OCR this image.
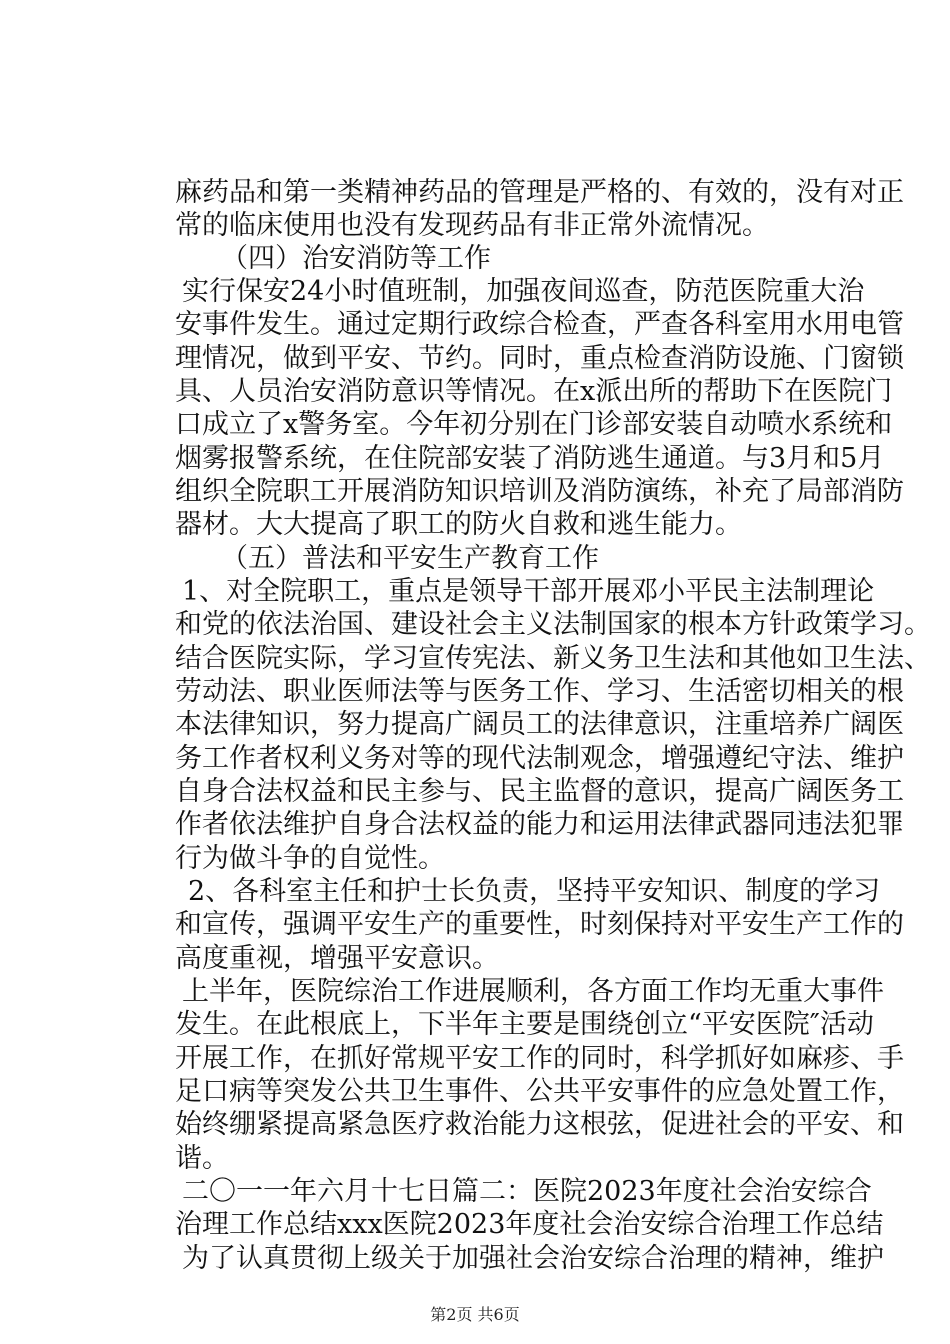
麻药品和第一类精神药品的管理是严格的、有效的，没有对正
常的临床使用也没有发现药品有非正常外流情况。
（四）治安消防等工作
实行保安24小时值班制，加强夜间巡查，防范医院重大治
安事件发生。通过定期行政综合检查，严查各科室用水用电管
理情况，做到平安、节约。同时，重点检查消防设施、门窗锁
具、人员治安消防意识等情况。在x派出所的帮助下在医院门
口成立了x警务室。今年初分别在门诊部安装自动喷水系统和
烟雾报警系统，在住院部安装了消防逃生通道。与3月和5月
组织全院职工开展消防知识培训及消防演练，补充了局部消防
器材。大大提高了职工的防火自救和逃生能力。
（五）普法和平安生产教育工作
1、对全院职工，重点是领导干部开展邓小平民主法制理论
和党的依法治国、建设社会主义法制国家的根本方针政策学习。
结合医院实际，学习宣传宪法、新义务卫生法和其他如卫生法、
劳动法、职业医师法等与医务工作、学习、生活密切相关的根
本法律知识，努力提高广阔员工的法律意识，注重培养广阔医
务工作者权利义务对等的现代法制观念，增强遵纪守法、维护
自身合法权益和民主参与、民主监督的意识，提高广阔医务工
作者依法维护自身合法权益的能力和运用法律武器同违法犯罪
行为做斗争的自觉性。
2、各科室主任和护士长负责，坚持平安知识、制度的学习
和宣传，强调平安生产的重要性，时刻保持对平安生产工作的
高度重视，增强平安意识。
上半年，医院综治工作进展顺利，各方面工作均无重大事件
发生。在此根底上，下半年主要是围绕创立“平安医院″活动
开展工作，在抓好常规平安工作的同时，科学抓好如麻疹、手
足口病等突发公共卫生事件、公共平安事件的应急处置工作，
始终绷紧提高紧急医疗救治能力这根弦，促进社会的平安、和
谐。
二〇一一年六月十七日篇二：医院2023年度社会治安综合
治理工作总结xxx医院2023年度社会治安综合治理工作总结
为了认真贯彻上级关于加强社会治安综合治理的精神，维护
第2页 共6页
